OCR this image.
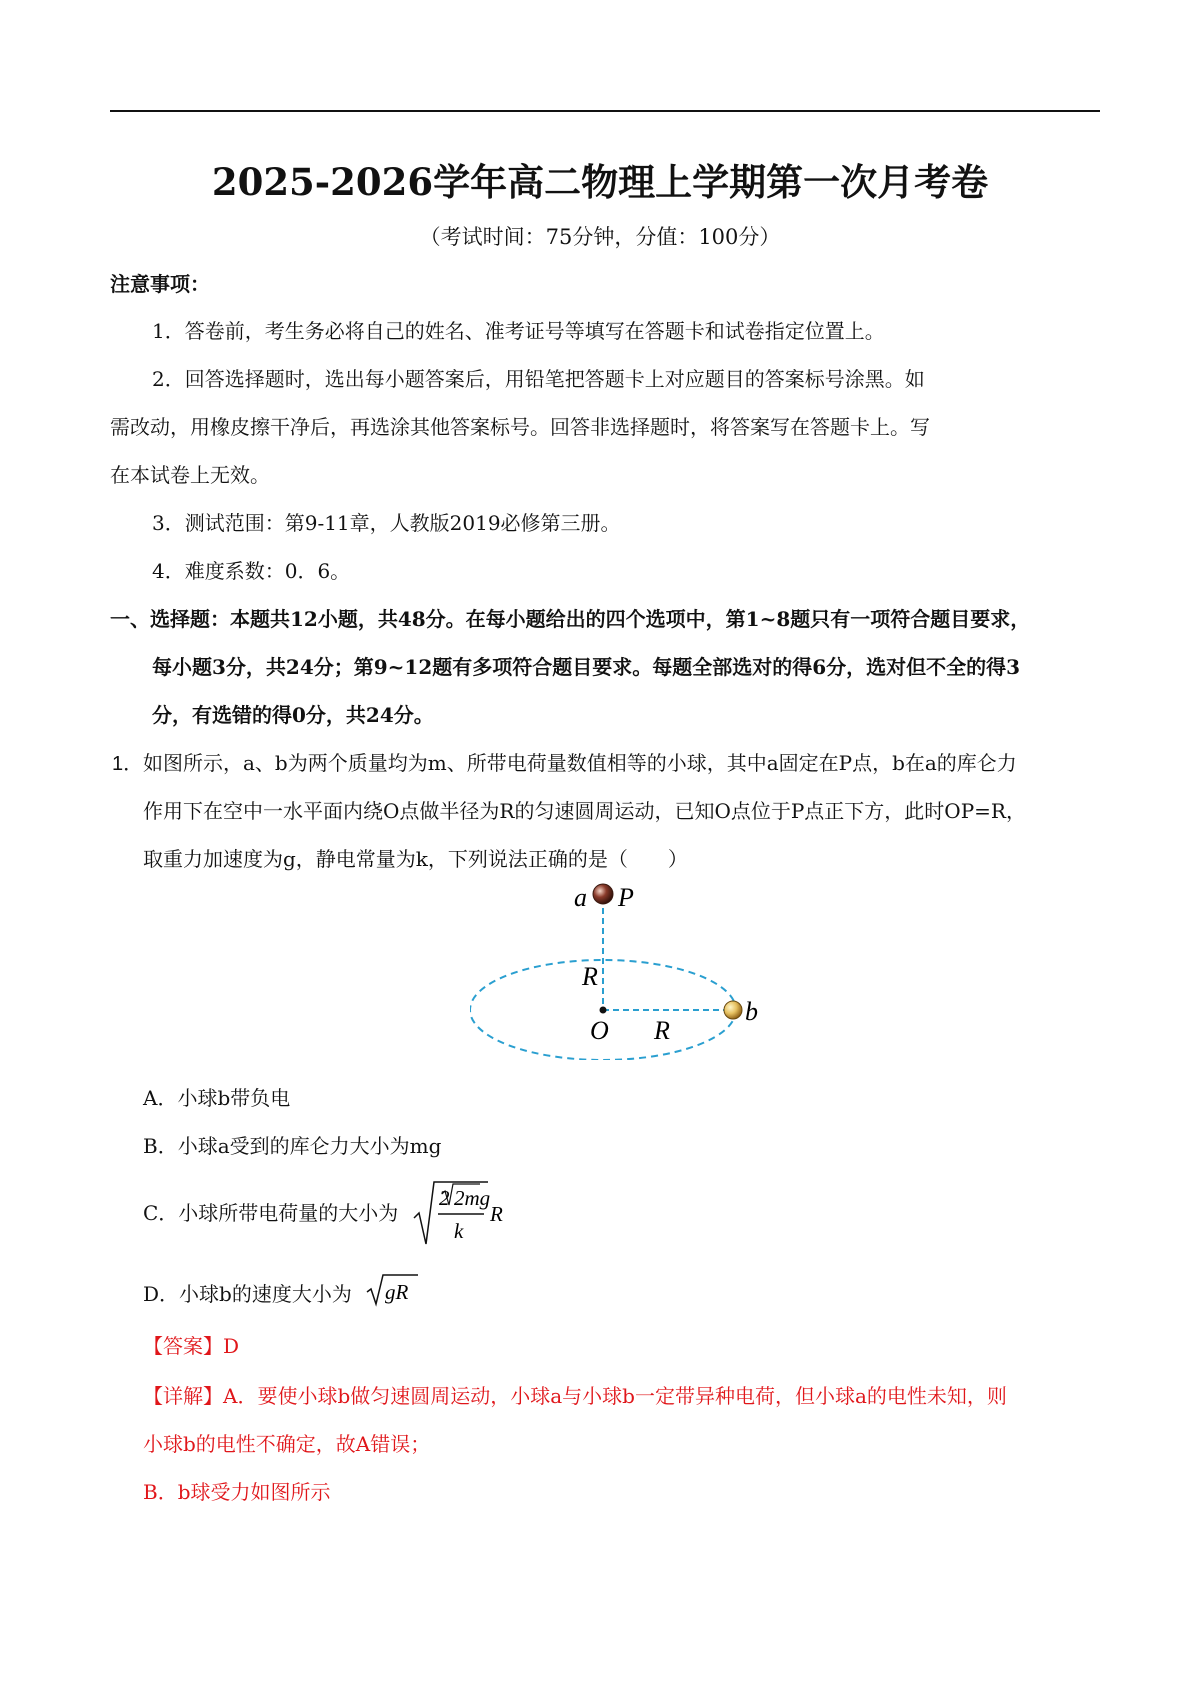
2025-2026学年高二物理上学期第一次月考卷
（考试时间：75分钟，分值：100分）
注意事项：
1．答卷前，考生务必将自己的姓名、准考证号等填写在答题卡和试卷指定位置上。
2．回答选择题时，选出每小题答案后，用铅笔把答题卡上对应题目的答案标号涂黑。如
需改动，用橡皮擦干净后，再选涂其他答案标号。回答非选择题时，将答案写在答题卡上。写
在本试卷上无效。
3．测试范围：第9-11章，人教版2019必修第三册。
4．难度系数：0．6。
一、选择题：本题共12小题，共48分。在每小题给出的四个选项中，第1~8题只有一项符合题目要求，
每小题3分，共24分；第9~12题有多项符合题目要求。每题全部选对的得6分，选对但不全的得3
分，有选错的得0分，共24分。
1． 如图所示，a、b为两个质量均为m、所带电荷量数值相等的小球，其中a固定在P点，b在a的库仑力
作用下在空中一水平面内绕O点做半径为R的匀速圆周运动，已知O点位于P点正下方，此时OP=R，
取重力加速度为g，静电常量为k，下列说法正确的是（　　）
a P
R
O R
b
A．小球b带负电
B．小球a受到的库仑力大小为mg
C．小球所带电荷量的大小为
2 2mg
k
R
D．小球b的速度大小为 gR
【答案】D
【详解】A．要使小球b做匀速圆周运动，小球a与小球b一定带异种电荷，但小球a的电性未知，则
小球b的电性不确定，故A错误；
B．b球受力如图所示
